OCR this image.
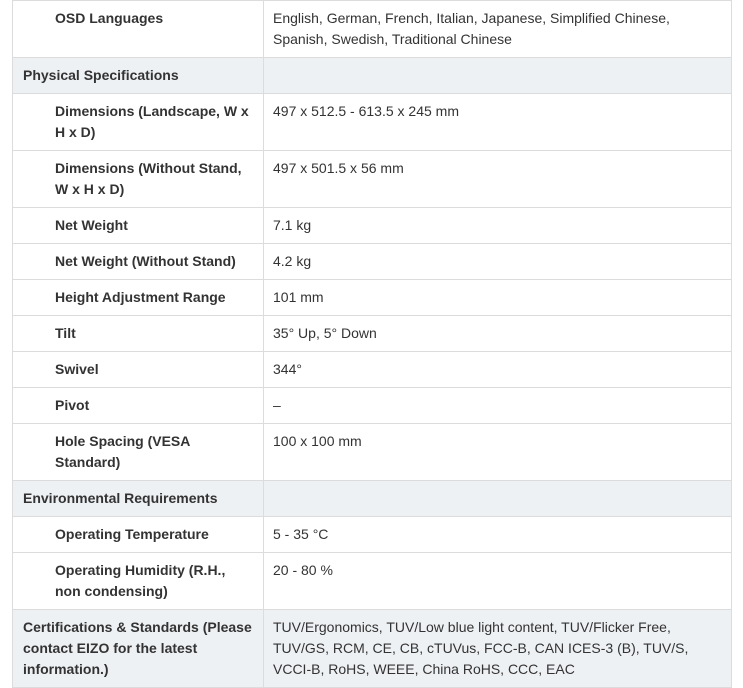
OSD Languages	English, German, French, Italian, Japanese, Simplified Chinese, Spanish, Swedish, Traditional Chinese
Physical Specifications	
Dimensions (Landscape, W x H x D)	497 x 512.5 - 613.5 x 245 mm
Dimensions (Without Stand, W x H x D)	497 x 501.5 x 56 mm
Net Weight	7.1 kg
Net Weight (Without Stand)	4.2 kg
Height Adjustment Range	101 mm
Tilt	35° Up, 5° Down
Swivel	344°
Pivot	–
Hole Spacing (VESA Standard)	100 x 100 mm
Environmental Requirements	
Operating Temperature	5 - 35 °C
Operating Humidity (R.H., non condensing)	20 - 80 %
Certifications & Standards (Please contact EIZO for the latest information.)	TUV/Ergonomics, TUV/Low blue light content, TUV/Flicker Free, TUV/GS, RCM, CE, CB, cTUVus, FCC-B, CAN ICES-3 (B), TUV/S, VCCI-B, RoHS, WEEE, China RoHS, CCC, EAC
